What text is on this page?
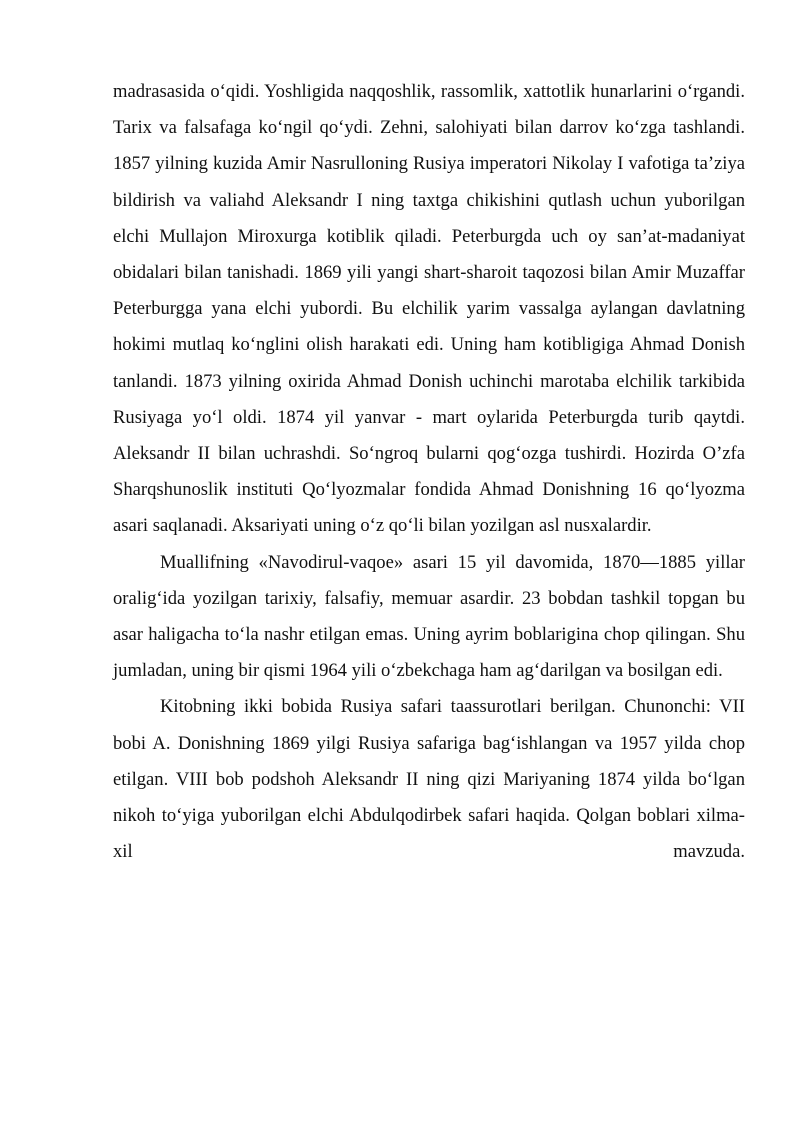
madrasasida oʻqidi. Yoshligida naqqoshlik, rassomlik, xattotlik hunarlarini oʻrgandi. Tarix va falsafaga koʻngil qoʻydi. Zehni, salohiyati bilan darrov koʻzga tashlandi. 1857 yilning kuzida Amir Nasrulloning Rusiya imperatori Nikolay I vafotiga taʼziya bildirish va valiahd Aleksandr I ning taxtga chikishini qutlash uchun yuborilgan elchi Mullajon Miroxurga kotiblik qiladi. Peterburgda uch oy sanʼat-madaniyat obidalari bilan tanishadi. 1869 yili yangi shart-sharoit taqozosi bilan Amir Muzaffar Peterburgga yana elchi yubordi. Bu elchilik yarim vassalga aylangan davlatning hokimi mutlaq koʻnglini olish harakati edi. Uning ham kotibligiga Ahmad Donish tanlandi. 1873 yilning oxirida Ahmad Donish uchinchi marotaba elchilik tarkibida Rusiyaga yoʻl oldi. 1874 yil yanvar - mart oylarida Peterburgda turib qaytdi. Aleksandr II bilan uchrashdi. Soʻngroq bularni qogʻozga tushirdi. Hozirda Oʼzfa Sharqshunoslik instituti Qoʻlyozmalar fondida Ahmad Donishning 16 qoʻlyozma asari saqlanadi. Aksariyati uning oʻz qoʻli bilan yozilgan asl nusxalardir.

Muallifning «Navodirul-vaqoe» asari 15 yil davomida, 1870—1885 yillar oraligʻida yozilgan tarixiy, falsafiy, memuar asardir. 23 bobdan tashkil topgan bu asar haligacha toʻla nashr etilgan emas. Uning ayrim boblarigina chop qilingan. Shu jumladan, uning bir qismi 1964 yili oʻzbekchaga ham agʻdarilgan va bosilgan edi.

Kitobning ikki bobida Rusiya safari taassurotlari berilgan. Chunonchi: VII bobi A. Donishning 1869 yilgi Rusiya safariga bagʻishlangan va 1957 yilda chop etilgan. VIII bob podshoh Aleksandr II ning qizi Mariyaning 1874 yilda boʻlgan nikoh toʻyiga yuborilgan elchi Abdulqodirbek safari haqida. Qolgan boblari xilma-xil mavzuda.
